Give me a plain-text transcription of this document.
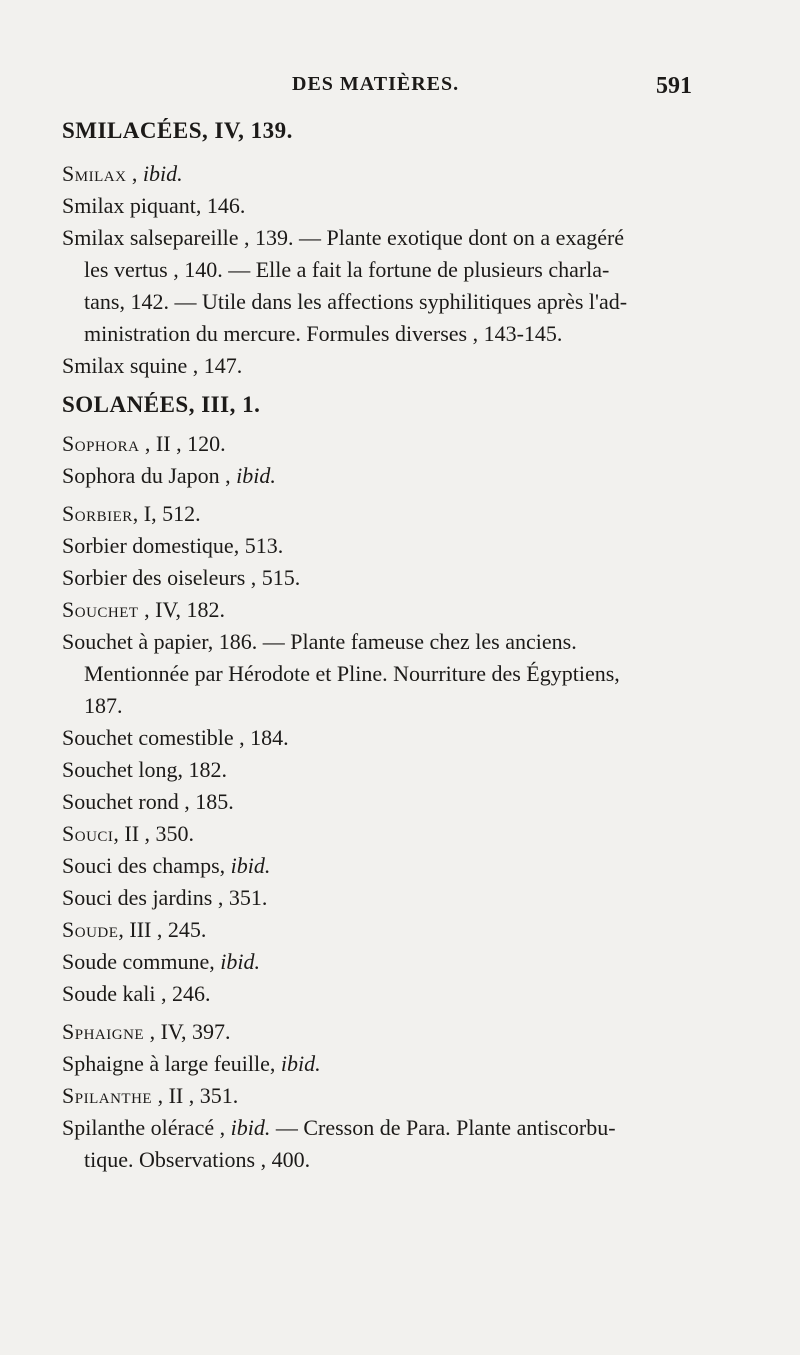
DES MATIÈRES.	591
SMILACÉES, IV, 139.
Smilax , ibid.
Smilax piquant, 146.
Smilax salsepareille , 139. — Plante exotique dont on a exagéré
les vertus , 140. — Elle a fait la fortune de plusieurs charla-
tans, 142. — Utile dans les affections syphilitiques après l'ad-
ministration du mercure. Formules diverses , 143-145.
Smilax squine , 147.
SOLANÉES, III, 1.
Sophora , II , 120.
Sophora du Japon , ibid.
Sorbier, I, 512.
Sorbier domestique, 513.
Sorbier des oiseleurs , 515.
Souchet , IV, 182.
Souchet à papier, 186. — Plante fameuse chez les anciens.
Mentionnée par Hérodote et Pline. Nourriture des Égyptiens,
187.
Souchet comestible , 184.
Souchet long, 182.
Souchet rond , 185.
Souci, II , 350.
Souci des champs, ibid.
Souci des jardins , 351.
Soude, III , 245.
Soude commune, ibid.
Soude kali , 246.
Sphaigne , IV, 397.
Sphaigne à large feuille, ibid.
Spilanthe , II , 351.
Spilanthe oléracé , ibid. — Cresson de Para. Plante antiscorbu-
tique. Observations , 400.
